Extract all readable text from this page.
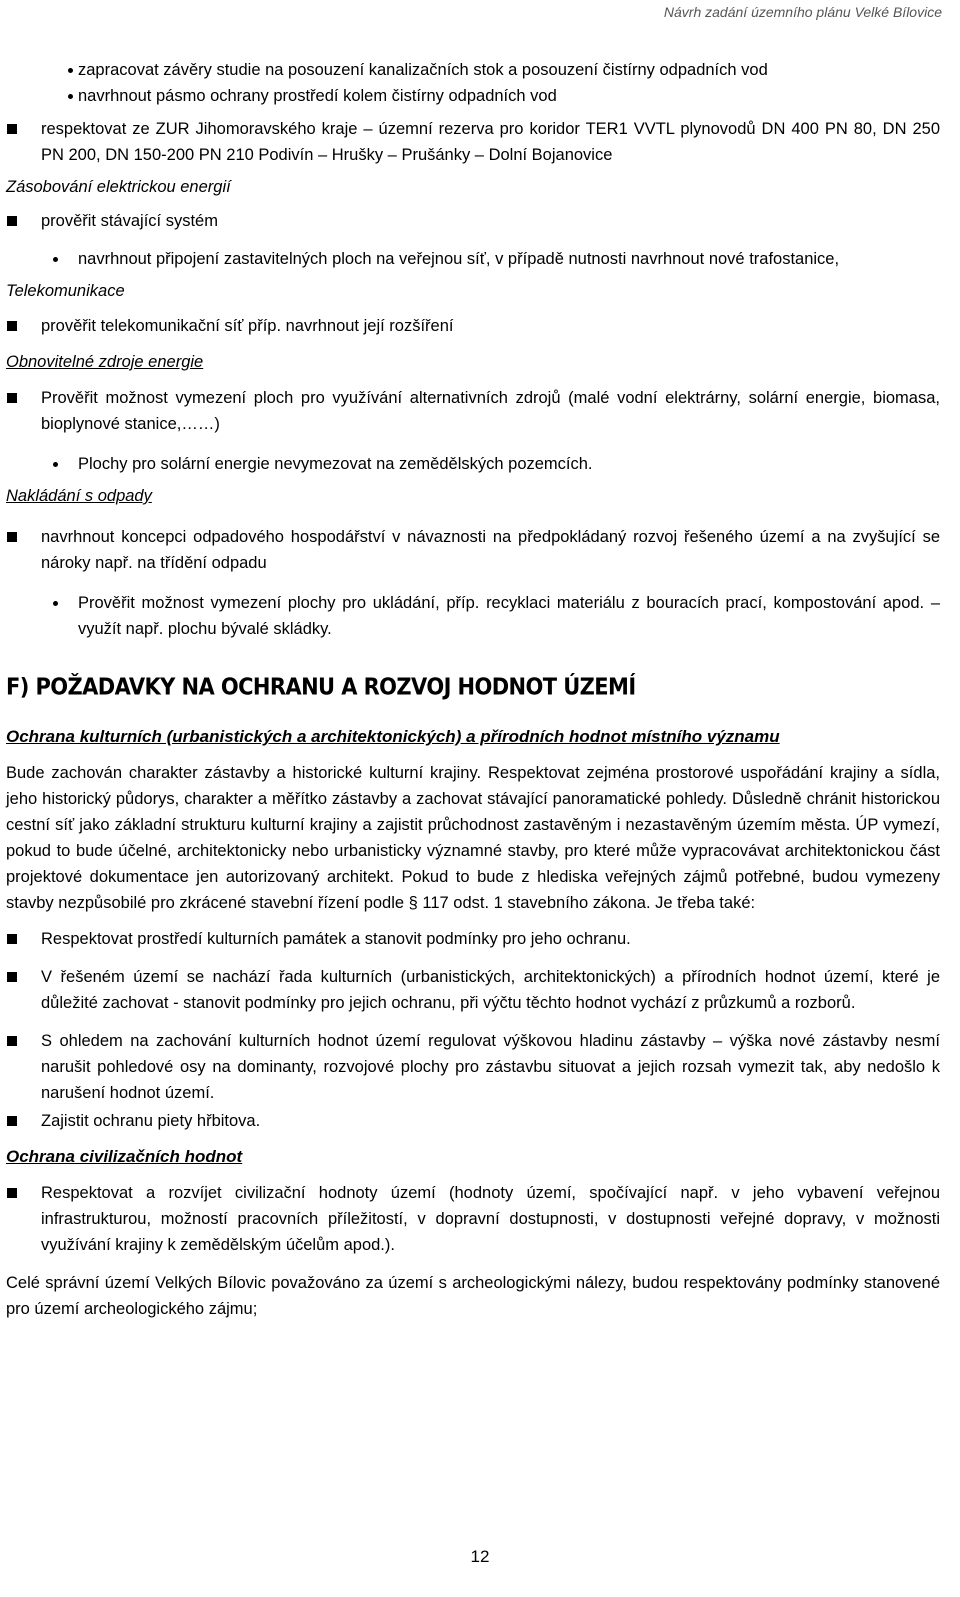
Návrh zadání územního plánu Velké Bílovice
zapracovat závěry studie na posouzení kanalizačních stok a posouzení čistírny odpadních vod
navrhnout pásmo ochrany prostředí kolem čistírny odpadních vod
respektovat ze ZUR Jihomoravského kraje – územní rezerva pro koridor TER1 VVTL plynovodů DN 400 PN 80, DN 250 PN 200, DN 150-200 PN 210 Podivín – Hrušky – Prušánky – Dolní Bojanovice
Zásobování elektrickou energií
prověřit stávající systém
navrhnout připojení zastavitelných ploch na veřejnou síť, v případě nutnosti navrhnout nové trafostanice,
Telekomunikace
prověřit telekomunikační síť příp. navrhnout její rozšíření
Obnovitelné zdroje energie
Prověřit možnost vymezení ploch pro využívání alternativních zdrojů (malé vodní elektrárny, solární energie, biomasa, bioplynové stanice,……)
Plochy pro solární energie nevymezovat na zemědělských pozemcích.
Nakládání s odpady
navrhnout koncepci odpadového hospodářství v návaznosti na předpokládaný rozvoj řešeného území a na zvyšující se nároky např. na třídění odpadu
Prověřit možnost vymezení plochy pro ukládání, příp. recyklaci materiálu z bouracích prací, kompostování apod. – využít např. plochu bývalé skládky.
F) POŽADAVKY NA OCHRANU A ROZVOJ HODNOT ÚZEMÍ
Ochrana kulturních (urbanistických a architektonických) a přírodních hodnot místního významu
Bude zachován charakter zástavby a historické kulturní krajiny. Respektovat zejména prostorové uspořádání krajiny a sídla, jeho historický půdorys, charakter a měřítko zástavby a zachovat stávající panoramatické pohledy. Důsledně chránit historickou cestní síť jako základní strukturu kulturní krajiny a zajistit průchodnost zastavěným i nezastavěným územím města. ÚP vymezí, pokud to bude účelné, architektonicky nebo urbanisticky významné stavby, pro které může vypracovávat architektonickou část projektové dokumentace jen autorizovaný architekt. Pokud to bude z hlediska veřejných zájmů potřebné, budou vymezeny stavby nezpůsobilé pro zkrácené stavební řízení podle § 117 odst. 1 stavebního zákona. Je třeba také:
Respektovat prostředí kulturních památek a stanovit podmínky pro jeho ochranu.
V řešeném území se nachází řada kulturních (urbanistických, architektonických) a přírodních hodnot území, které je důležité zachovat - stanovit podmínky pro jejich ochranu, při výčtu těchto hodnot vychází z průzkumů a rozborů.
S ohledem na zachování kulturních hodnot území regulovat výškovou hladinu zástavby – výška nové zástavby nesmí narušit pohledové osy na dominanty, rozvojové plochy pro zástavbu situovat a jejich rozsah vymezit tak, aby nedošlo k narušení hodnot území.
Zajistit ochranu piety hřbitova.
Ochrana civilizačních hodnot
Respektovat a rozvíjet civilizační hodnoty území (hodnoty území, spočívající např. v jeho vybavení veřejnou infrastrukturou, možností pracovních příležitostí, v dopravní dostupnosti, v dostupnosti veřejné dopravy, v možnosti využívání krajiny k zemědělským účelům apod.).
Celé správní území Velkých Bílovic považováno za území s archeologickými nálezy, budou respektovány podmínky stanovené pro území archeologického zájmu;
12
